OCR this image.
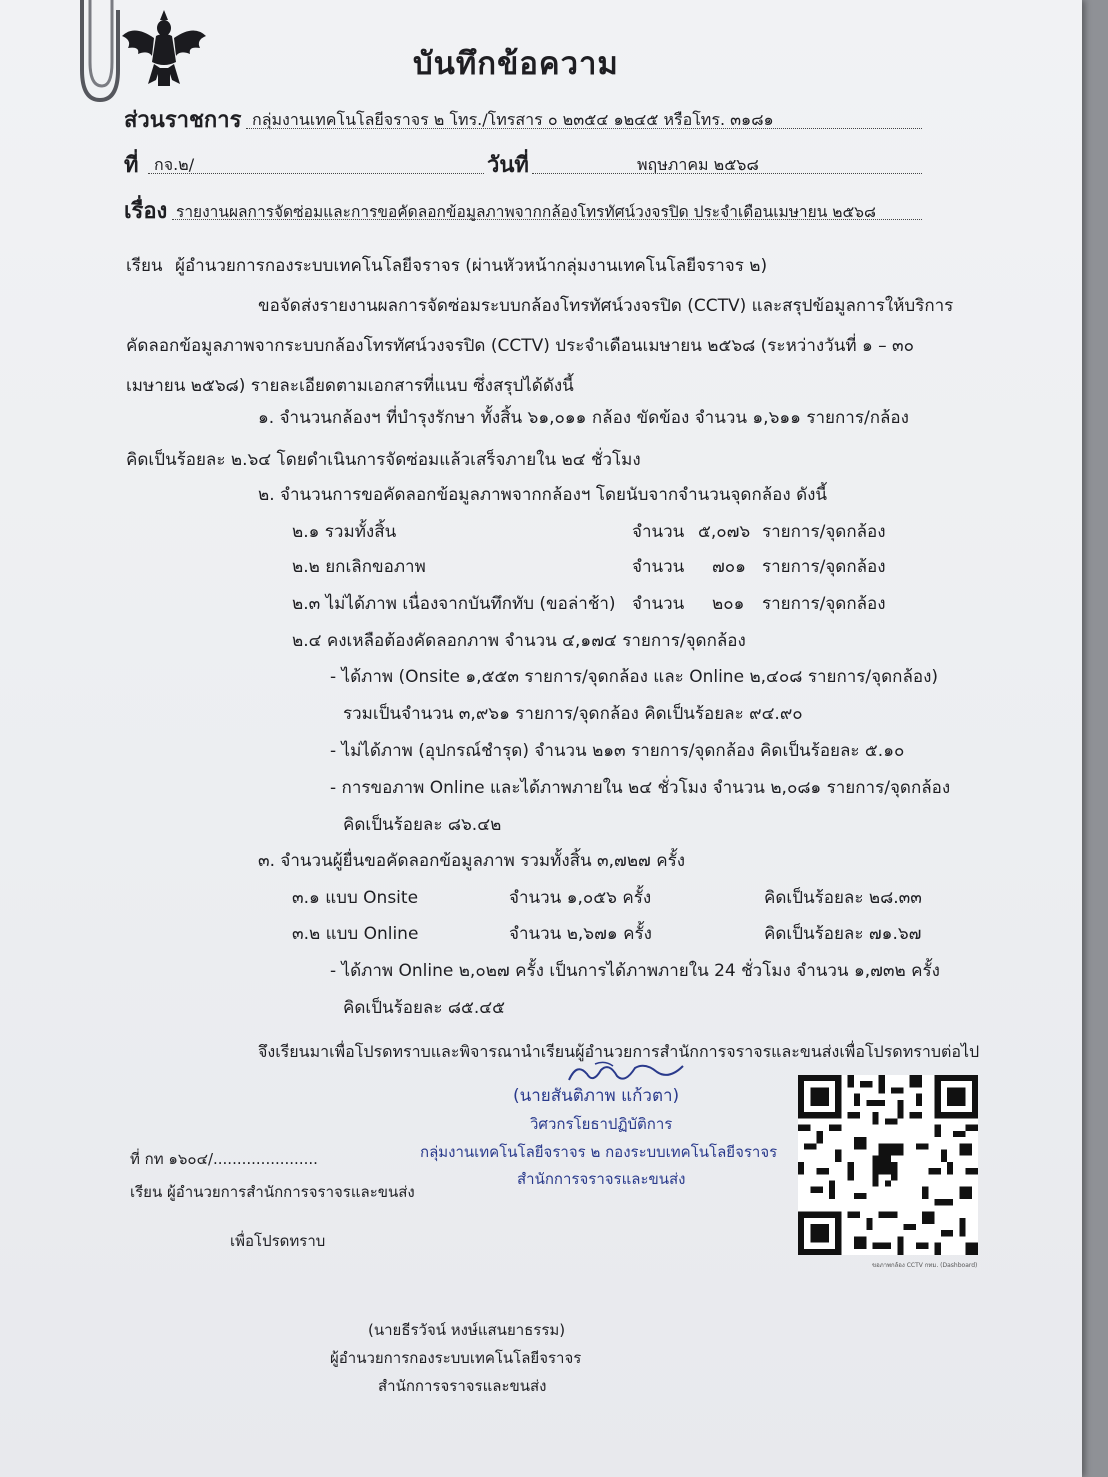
บันทึกข้อความ
ส่วนราชการ กลุ่มงานเทคโนโลยีจราจร ๒ โทร./โทรสาร ๐ ๒๓๕๔ ๑๒๔๕ หรือโทร. ๓๑๘๑
ที่ กจ.๒/	วันที่	พฤษภาคม ๒๕๖๘
เรื่อง รายงานผลการจัดซ่อมและการขอคัดลอกข้อมูลภาพจากกล้องโทรทัศน์วงจรปิด ประจำเดือนเมษายน ๒๕๖๘
เรียน ผู้อำนวยการกองระบบเทคโนโลยีจราจร (ผ่านหัวหน้ากลุ่มงานเทคโนโลยีจราจร ๒)
ขอจัดส่งรายงานผลการจัดซ่อมระบบกล้องโทรทัศน์วงจรปิด (CCTV) และสรุปข้อมูลการให้บริการ
คัดลอกข้อมูลภาพจากระบบกล้องโทรทัศน์วงจรปิด (CCTV) ประจำเดือนเมษายน ๒๕๖๘ (ระหว่างวันที่ ๑ – ๓๐
เมษายน ๒๕๖๘) รายละเอียดตามเอกสารที่แนบ ซึ่งสรุปได้ดังนี้
๑. จำนวนกล้องฯ ที่บำรุงรักษา ทั้งสิ้น ๖๑,๐๑๑ กล้อง ขัดข้อง จำนวน ๑,๖๑๑ รายการ/กล้อง
คิดเป็นร้อยละ ๒.๖๔ โดยดำเนินการจัดซ่อมแล้วเสร็จภายใน ๒๔ ชั่วโมง
๒. จำนวนการขอคัดลอกข้อมูลภาพจากกล้องฯ โดยนับจากจำนวนจุดกล้อง ดังนี้
๒.๑ รวมทั้งสิ้น	จำนวน ๕,๐๗๖ รายการ/จุดกล้อง
๒.๒ ยกเลิกขอภาพ	จำนวน ๗๐๑ รายการ/จุดกล้อง
๒.๓ ไม่ได้ภาพ เนื่องจากบันทึกทับ (ขอล่าช้า) จำนวน ๒๐๑ รายการ/จุดกล้อง
๒.๔ คงเหลือต้องคัดลอกภาพ จำนวน ๔,๑๗๔ รายการ/จุดกล้อง
- ได้ภาพ (Onsite ๑,๕๕๓ รายการ/จุดกล้อง และ Online ๒,๔๐๘ รายการ/จุดกล้อง)
รวมเป็นจำนวน ๓,๙๖๑ รายการ/จุดกล้อง คิดเป็นร้อยละ ๙๔.๙๐
- ไม่ได้ภาพ (อุปกรณ์ชำรุด) จำนวน ๒๑๓ รายการ/จุดกล้อง คิดเป็นร้อยละ ๕.๑๐
- การขอภาพ Online และได้ภาพภายใน ๒๔ ชั่วโมง จำนวน ๒,๐๘๑ รายการ/จุดกล้อง
คิดเป็นร้อยละ ๘๖.๔๒
๓. จำนวนผู้ยื่นขอคัดลอกข้อมูลภาพ รวมทั้งสิ้น ๓,๗๒๗ ครั้ง
๓.๑ แบบ Onsite	จำนวน ๑,๐๕๖ ครั้ง	คิดเป็นร้อยละ ๒๘.๓๓
๓.๒ แบบ Online	จำนวน ๒,๖๗๑ ครั้ง	คิดเป็นร้อยละ ๗๑.๖๗
- ได้ภาพ Online ๒,๐๒๗ ครั้ง เป็นการได้ภาพภายใน 24 ชั่วโมง จำนวน ๑,๗๓๒ ครั้ง
คิดเป็นร้อยละ ๘๕.๔๕
จึงเรียนมาเพื่อโปรดทราบและพิจารณานำเรียนผู้อำนวยการสำนักการจราจรและขนส่งเพื่อโปรดทราบต่อไป
(นายสันติภาพ แก้วตา)
วิศวกรโยธาปฏิบัติการ
กลุ่มงานเทคโนโลยีจราจร ๒ กองระบบเทคโนโลยีจราจร
สำนักการจราจรและขนส่ง
ที่ กท ๑๖๐๔/......................
เรียน ผู้อำนวยการสำนักการจราจรและขนส่ง
เพื่อโปรดทราบ
ขอภาพกล้อง CCTV กทม. (Dashboard)
(นายธีรวัจน์ หงษ์แสนยาธรรม)
ผู้อำนวยการกองระบบเทคโนโลยีจราจร
สำนักการจราจรและขนส่ง
